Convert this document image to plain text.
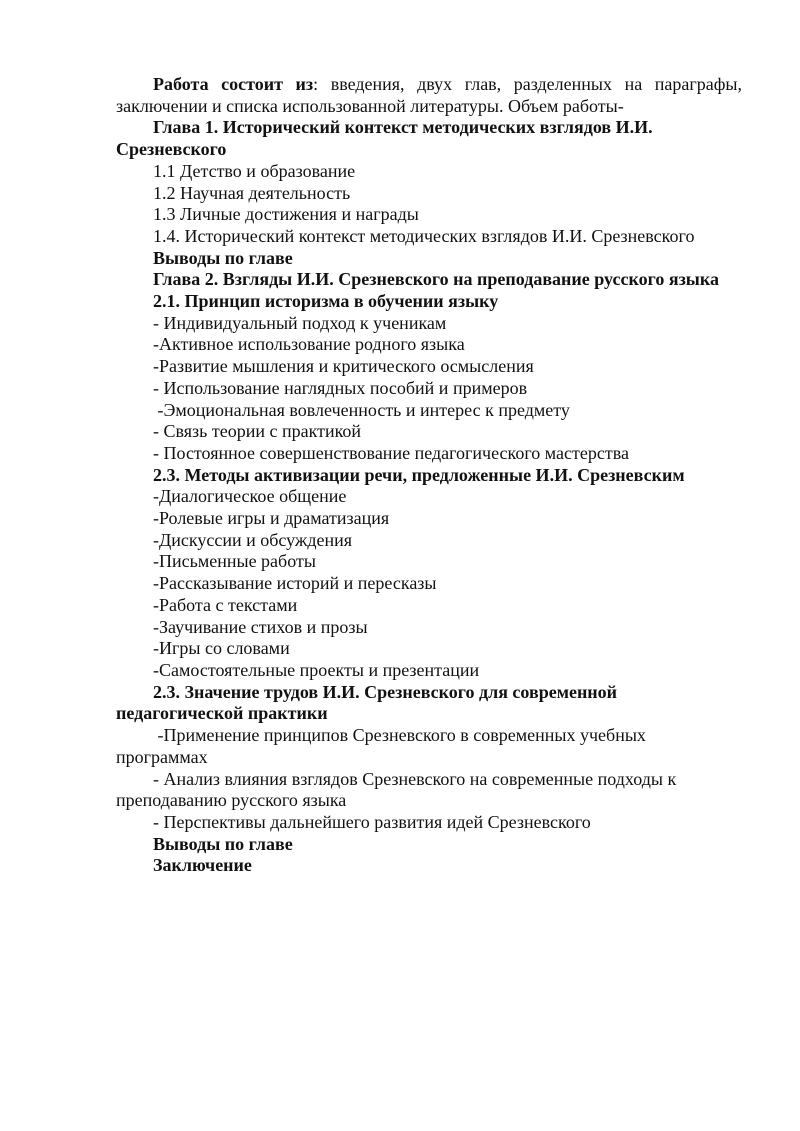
Работа состоит из: введения, двух глав, разделенных на параграфы, заключении и списка использованной литературы. Объем работы-

Глава 1. Исторический контекст методических взглядов И.И. Срезневского

1.1 Детство и образование

1.2 Научная деятельность

1.3 Личные достижения и награды

1.4. Исторический контекст методических взглядов И.И. Срезневского

Выводы по главе

Глава 2. Взгляды И.И. Срезневского на преподавание русского языка

2.1. Принцип историзма в обучении языку

- Индивидуальный подход к ученикам

-Активное использование родного языка

-Развитие мышления и критического осмысления

- Использование наглядных пособий и примеров

-Эмоциональная вовлеченность и интерес к предмету

- Связь теории с практикой

- Постоянное совершенствование педагогического мастерства

2.3. Методы активизации речи, предложенные И.И. Срезневским

-Диалогическое общение

-Ролевые игры и драматизация

-Дискуссии и обсуждения

-Письменные работы

-Рассказывание историй и пересказы

-Работа с текстами

-Заучивание стихов и прозы

-Игры со словами

-Самостоятельные проекты и презентации

2.3. Значение трудов И.И. Срезневского для современной педагогической практики

-Применение принципов Срезневского в современных учебных программах

- Анализ влияния взглядов Срезневского на современные подходы к преподаванию русского языка

- Перспективы дальнейшего развития идей Срезневского

Выводы по главе

Заключение
